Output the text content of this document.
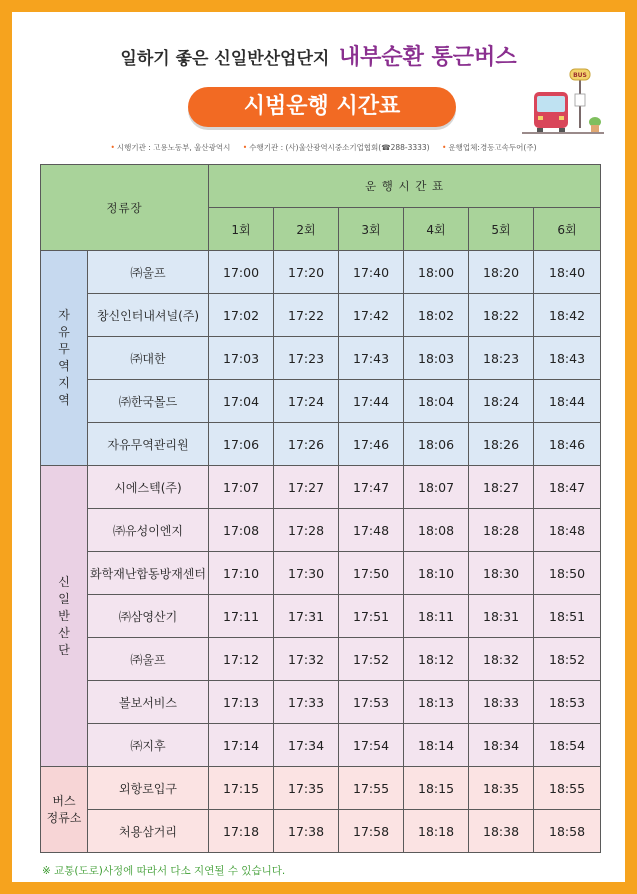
일하기 좋은 신일반산업단지 내부순환 통근버스
시범운행 시간표
BUS
• 시행기관 : 고용노동부, 울산광역시 • 수행기관 : (사)울산광역시중소기업협회(☎288-3333) • 운행업체:경동고속두어(주)
정류장		운 행 시 간 표					
		1회	2회	3회	4회	5회	6회
자유무역지역	㈜울프	17:00	17:20	17:40	18:00	18:20	18:40
	창신인터내셔널(주)	17:02	17:22	17:42	18:02	18:22	18:42
	㈜대한	17:03	17:23	17:43	18:03	18:23	18:43
	㈜한국몰드	17:04	17:24	17:44	18:04	18:24	18:44
	자유무역관리원	17:06	17:26	17:46	18:06	18:26	18:46
신일반산단	시에스텍(주)	17:07	17:27	17:47	18:07	18:27	18:47
	㈜유성이엔지	17:08	17:28	17:48	18:08	18:28	18:48
	화학재난합동방재센터	17:10	17:30	17:50	18:10	18:30	18:50
	㈜삼영산기	17:11	17:31	17:51	18:11	18:31	18:51
	㈜울프	17:12	17:32	17:52	18:12	18:32	18:52
	볼보서비스	17:13	17:33	17:53	18:13	18:33	18:53
	㈜지후	17:14	17:34	17:54	18:14	18:34	18:54

버스
정류소	외항로입구	17:15	17:35	17:55	18:15	18:35	18:55
	처용삼거리	17:18	17:38	17:58	18:18	18:38	18:58
※ 교통(도로)사정에 따라서 다소 지연될 수 있습니다.
